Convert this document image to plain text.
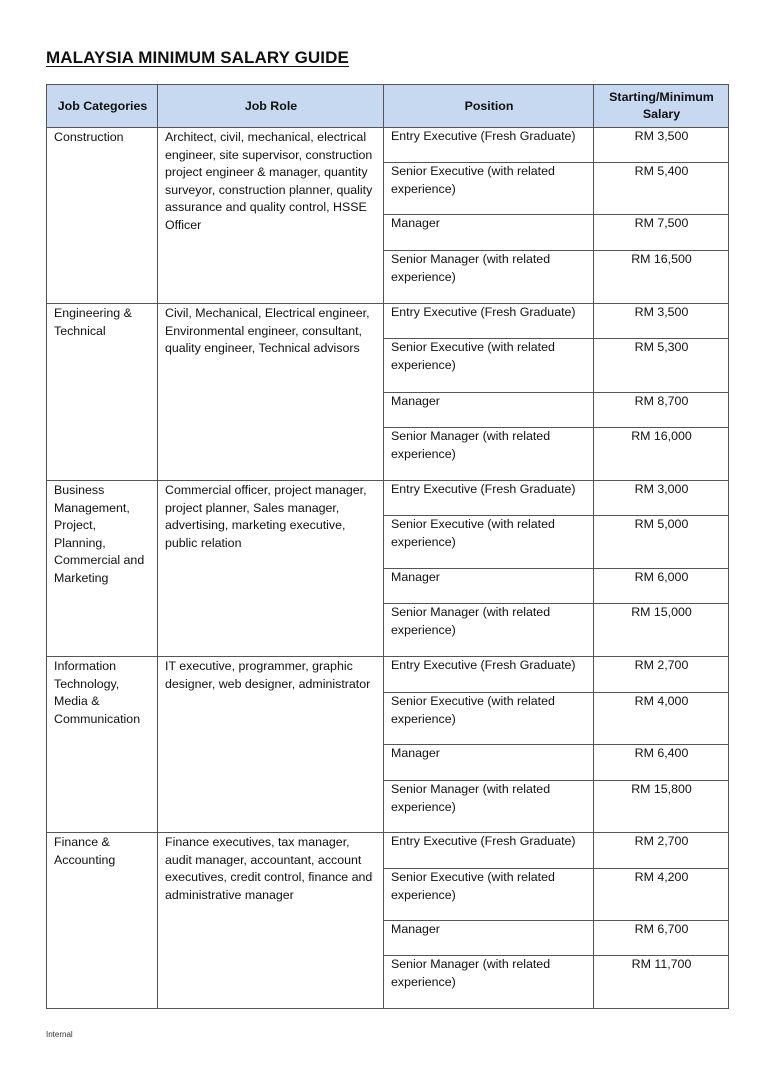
MALAYSIA MINIMUM SALARY GUIDE
Job Categories	Job Role	Position	Starting/Minimum Salary
Construction	Architect, civil, mechanical, electrical engineer, site supervisor, construction project engineer & manager, quantity surveyor, construction planner, quality assurance and quality control, HSSE Officer	Entry Executive (Fresh Graduate)	RM 3,500
		Senior Executive (with related experience)	RM 5,400
		Manager	RM 7,500
		Senior Manager (with related experience)	RM 16,500
Engineering & Technical	Civil, Mechanical, Electrical engineer, Environmental engineer, consultant, quality engineer, Technical advisors	Entry Executive (Fresh Graduate)	RM 3,500
		Senior Executive (with related experience)	RM 5,300
		Manager	RM 8,700
		Senior Manager (with related experience)	RM 16,000
Business Management, Project, Planning, Commercial and Marketing	Commercial officer, project manager, project planner, Sales manager, advertising, marketing executive, public relation	Entry Executive (Fresh Graduate)	RM 3,000
		Senior Executive (with related experience)	RM 5,000
		Manager	RM 6,000
		Senior Manager (with related experience)	RM 15,000
Information Technology, Media & Communication	IT executive, programmer, graphic designer, web designer, administrator	Entry Executive (Fresh Graduate)	RM 2,700
		Senior Executive (with related experience)	RM 4,000
		Manager	RM 6,400
		Senior Manager (with related experience)	RM 15,800
Finance & Accounting	Finance executives, tax manager, audit manager, accountant, account executives, credit control, finance and administrative manager	Entry Executive (Fresh Graduate)	RM 2,700
		Senior Executive (with related experience)	RM 4,200
		Manager	RM 6,700
		Senior Manager (with related experience)	RM 11,700
Internal
